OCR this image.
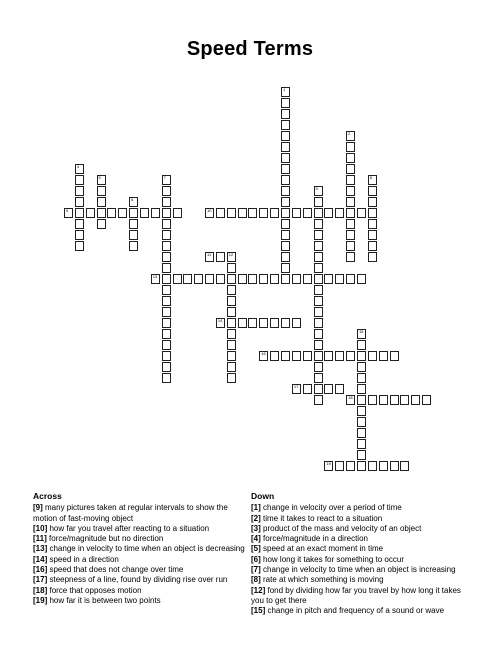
Speed Terms
1
2
3
4
5
6
7	8
9	10
11	12
13
14
15
16
17
18
19
Across
[9] many pictures taken at regular intervals to show the motion of fast-moving object
[10] how far you travel after reacting to a situation
[11] force/magnitude but no direction
[13] change in velocity to time when an object is decreasing
[14] speed in a direction
[16] speed that does not change over time
[17] steepness of a line, found by dividing rise over run
[18] force that opposes motion
[19] how far it is between two points
Down
[1] change in velocity over a period of time
[2] time it takes to react to a situation
[3] product of the mass and velocity of an object
[4] force/magnitude in a direction
[5] speed at an exact moment in time
[6] how long it takes for something to occur
[7] change in velocity to time when an object is increasing
[8] rate at which something is moving
[12] fond by dividing how far you travel by how long it takes you to get there
[15] change in pitch and frequency of a sound or wave
